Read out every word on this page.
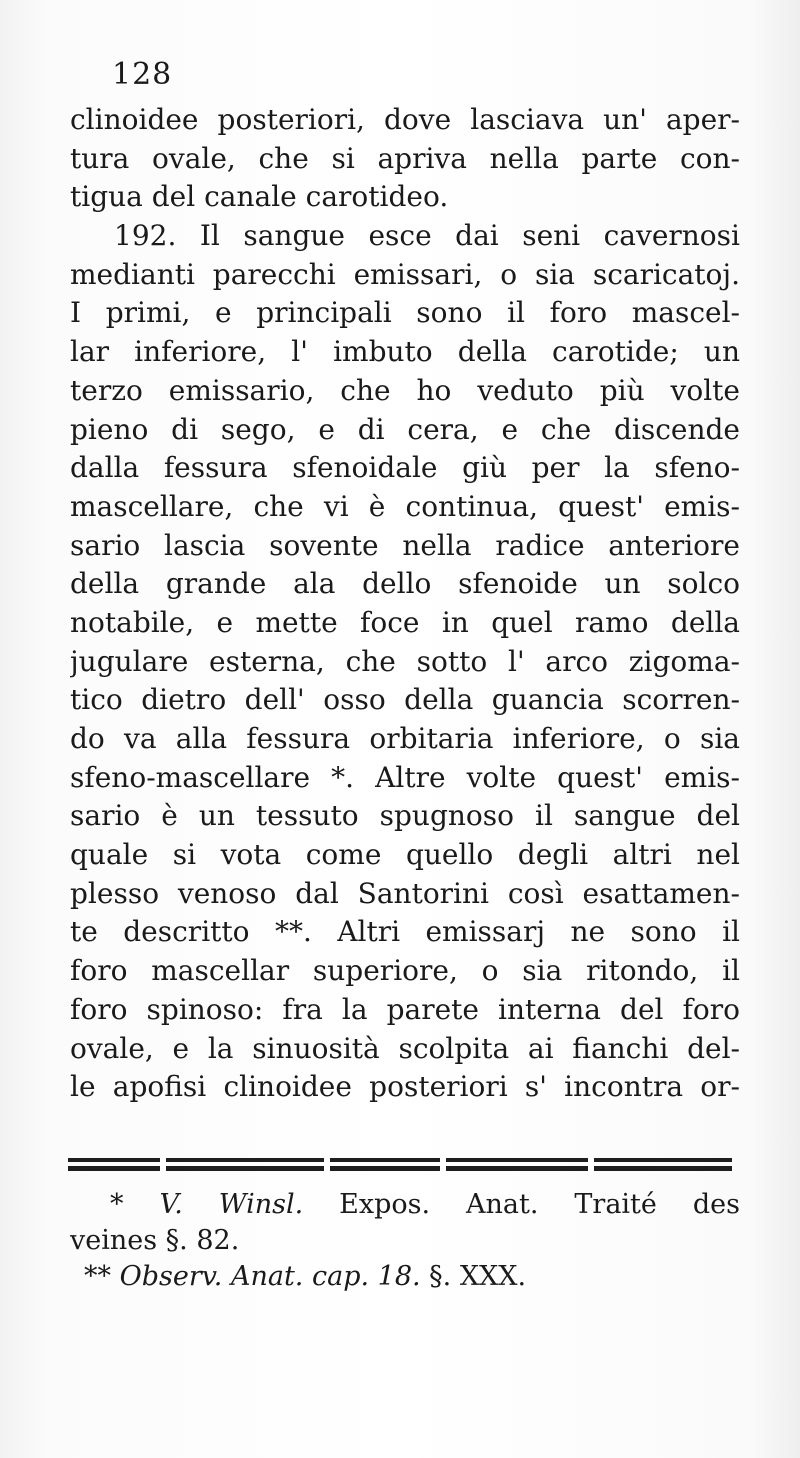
128
clinoidee posteriori, dove lasciava un' aper-
tura ovale, che si apriva nella parte con-
tigua del canale carotideo.
192. Il sangue esce dai seni cavernosi
medianti parecchi emissari, o sia scaricatoj.
I primi, e principali sono il foro mascel-
lar inferiore, l' imbuto della carotide; un
terzo emissario, che ho veduto più volte
pieno di sego, e di cera, e che discende
dalla fessura sfenoidale giù per la sfeno-
mascellare, che vi è continua, quest' emis-
sario lascia sovente nella radice anteriore
della grande ala dello sfenoide un solco
notabile, e mette foce in quel ramo della
jugulare esterna, che sotto l' arco zigoma-
tico dietro dell' osso della guancia scorren-
do va alla fessura orbitaria inferiore, o sia
sfeno-mascellare *. Altre volte quest' emis-
sario è un tessuto spugnoso il sangue del
quale si vota come quello degli altri nel
plesso venoso dal Santorini così esattamen-
te descritto **. Altri emissarj ne sono il
foro mascellar superiore, o sia ritondo, il
foro spinoso: fra la parete interna del foro
ovale, e la sinuosità scolpita ai fianchi del-
le apofisi clinoidee posteriori s' incontra or-
* V. Winsl. Expos. Anat. Traité des
veines §. 82.
** Observ. Anat. cap. 18. §. XXX.
